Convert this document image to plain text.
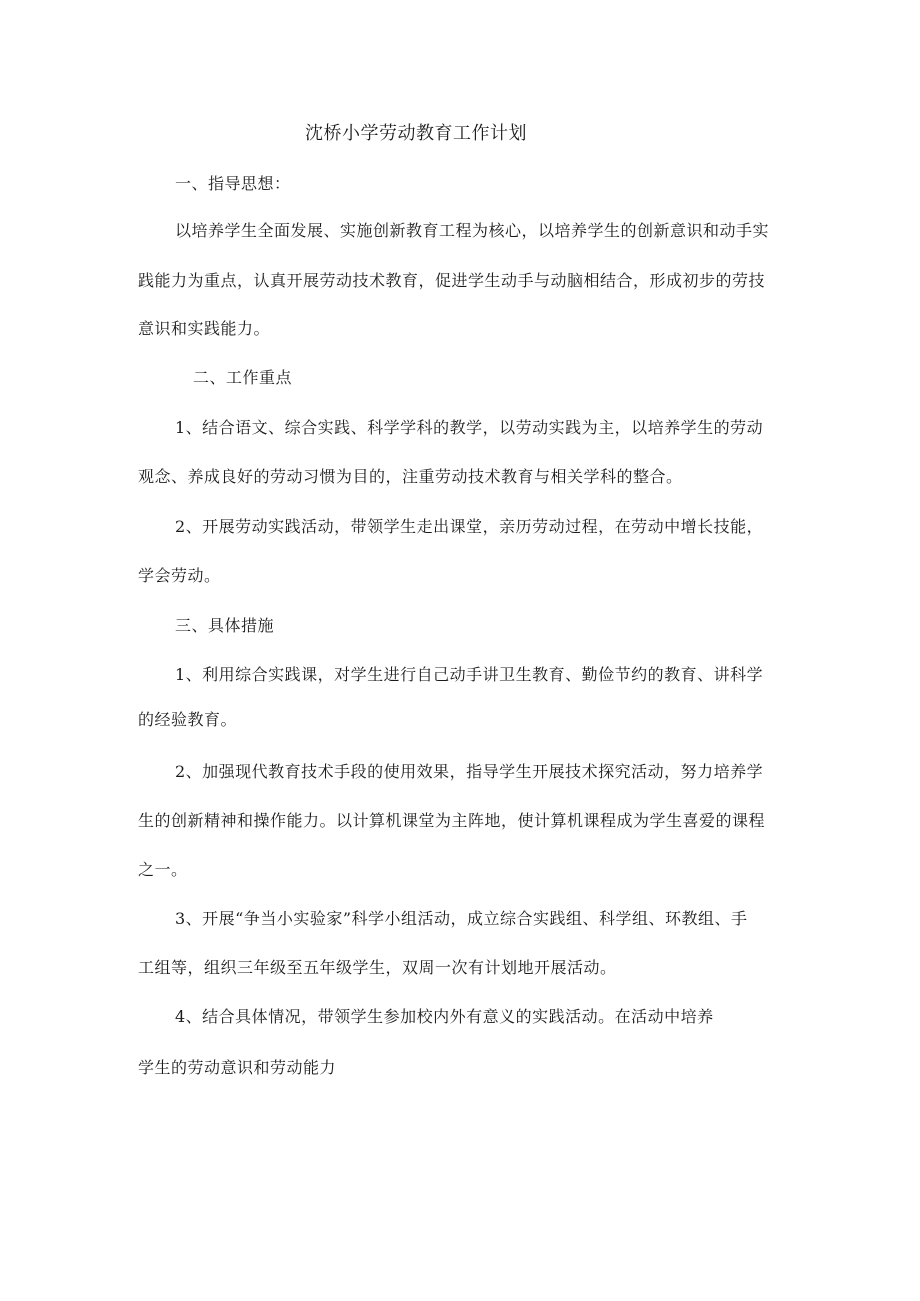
沈桥小学劳动教育工作计划
一、指导思想：
以培养学生全面发展、实施创新教育工程为核心，以培养学生的创新意识和动手实
践能力为重点，认真开展劳动技术教育，促进学生动手与动脑相结合，形成初步的劳技
意识和实践能力。
二、工作重点
1、结合语文、综合实践、科学学科的教学，以劳动实践为主，以培养学生的劳动
观念、养成良好的劳动习惯为目的，注重劳动技术教育与相关学科的整合。
2、开展劳动实践活动，带领学生走出课堂，亲历劳动过程，在劳动中增长技能，
学会劳动。
三、具体措施
1、利用综合实践课，对学生进行自己动手讲卫生教育、勤俭节约的教育、讲科学
的经验教育。
2、加强现代教育技术手段的使用效果，指导学生开展技术探究活动，努力培养学
生的创新精神和操作能力。以计算机课堂为主阵地，使计算机课程成为学生喜爱的课程
之一。
3、开展“争当小实验家”科学小组活动，成立综合实践组、科学组、环教组、手
工组等，组织三年级至五年级学生，双周一次有计划地开展活动。
4、结合具体情况，带领学生参加校内外有意义的实践活动。在活动中培养
学生的劳动意识和劳动能力
